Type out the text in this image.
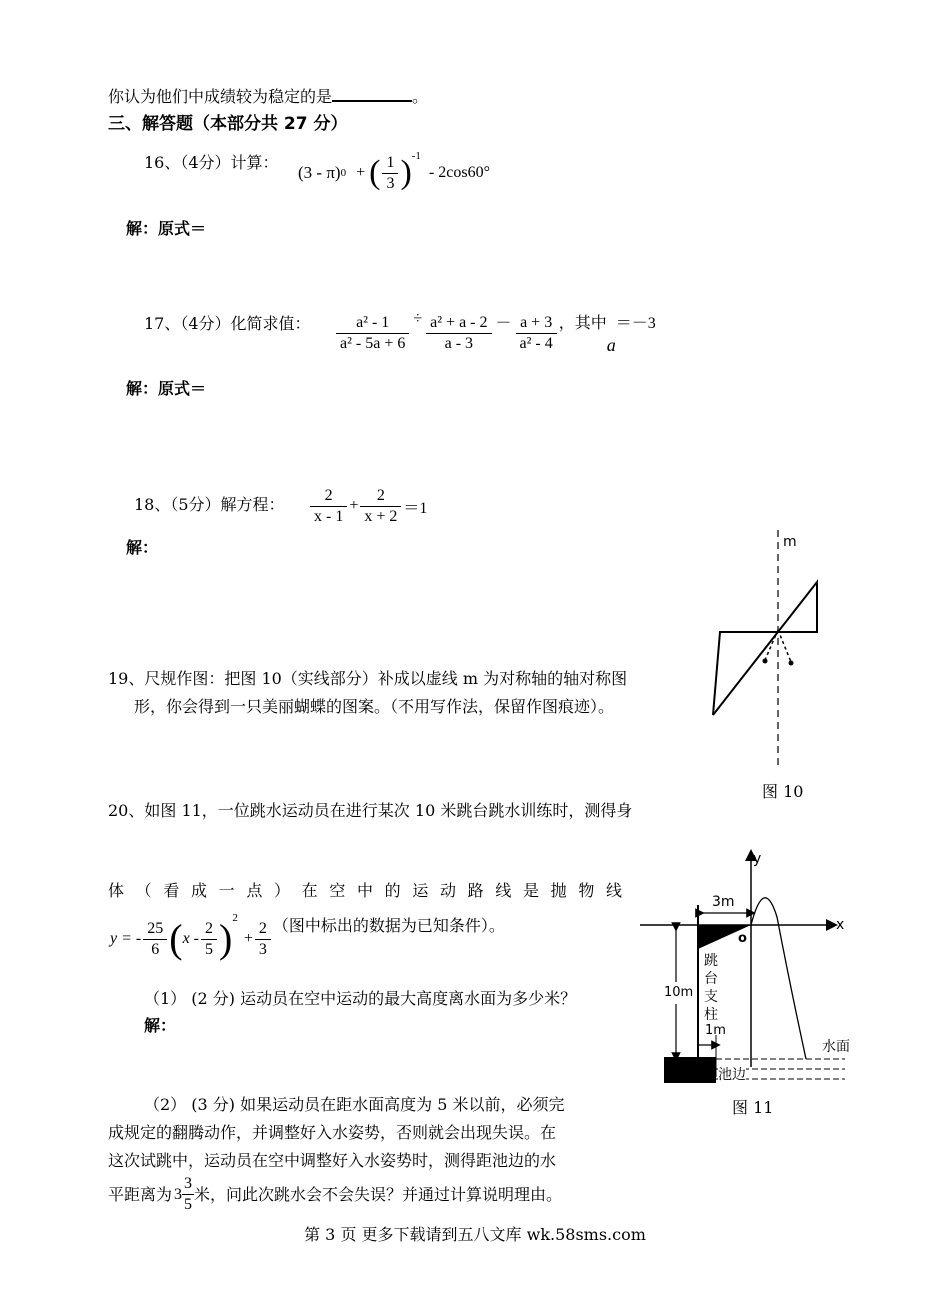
你认为他们中成绩较为稳定的是	。
三、解答题（本部分共 27 分）
16、（4分）计算：
(3 - π) 0 + ( $\frac{1}{3} )^{-1}$
- 2cos60°
解：原式＝
17、（4分）化简求值： $\frac{\text{a² - 1}}{\text{a² - 5a + 6}} \div \frac{\text{a² + a - 2}}{a - 3} - \frac{a + 3}{\text{a² - 4}}$ ，其中
a
＝－3
解：原式＝
18、（5分）解方程： $\frac{2}{x - 1} + \frac{2}{x + 2} =1$
解：
19、尺规作图：把图 10（实线部分）补成以虚线 m 为对称轴的轴对称图
形，你会得到一只美丽蝴蝶的图案。（不用写作法，保留作图痕迹）。
m
图 10
20、如图 11，一位跳水运动员在进行某次 10 米跳台跳水训练时，测得身
体（看成一点）在空中的运动路线是抛物线
y = - $\frac{25}{6}$ ( x - $\frac{2}{5} )^2$
+ $\frac{2}{3}$ （图中标出的数据为已知条件）。
（1） (2 分) 运动员在空中运动的最大高度离水面为多少米？
解：
（2） (3 分) 如果运动员在距水面高度为 5 米以前，必须完
成规定的翻腾动作，并调整好入水姿势，否则就会出现失误。在
这次试跳中，运动员在空中调整好入水姿势时，测得距池边的水
平距离为 $3 \frac{3}{5}$ 米，问此次跳水会不会失误？并通过计算说明理由。
y
x
o
3m
10m
1m
跳
台
支
柱
水面
池边
图 11
第 3 页 更多下载请到五八文库 wk.58sms.com
